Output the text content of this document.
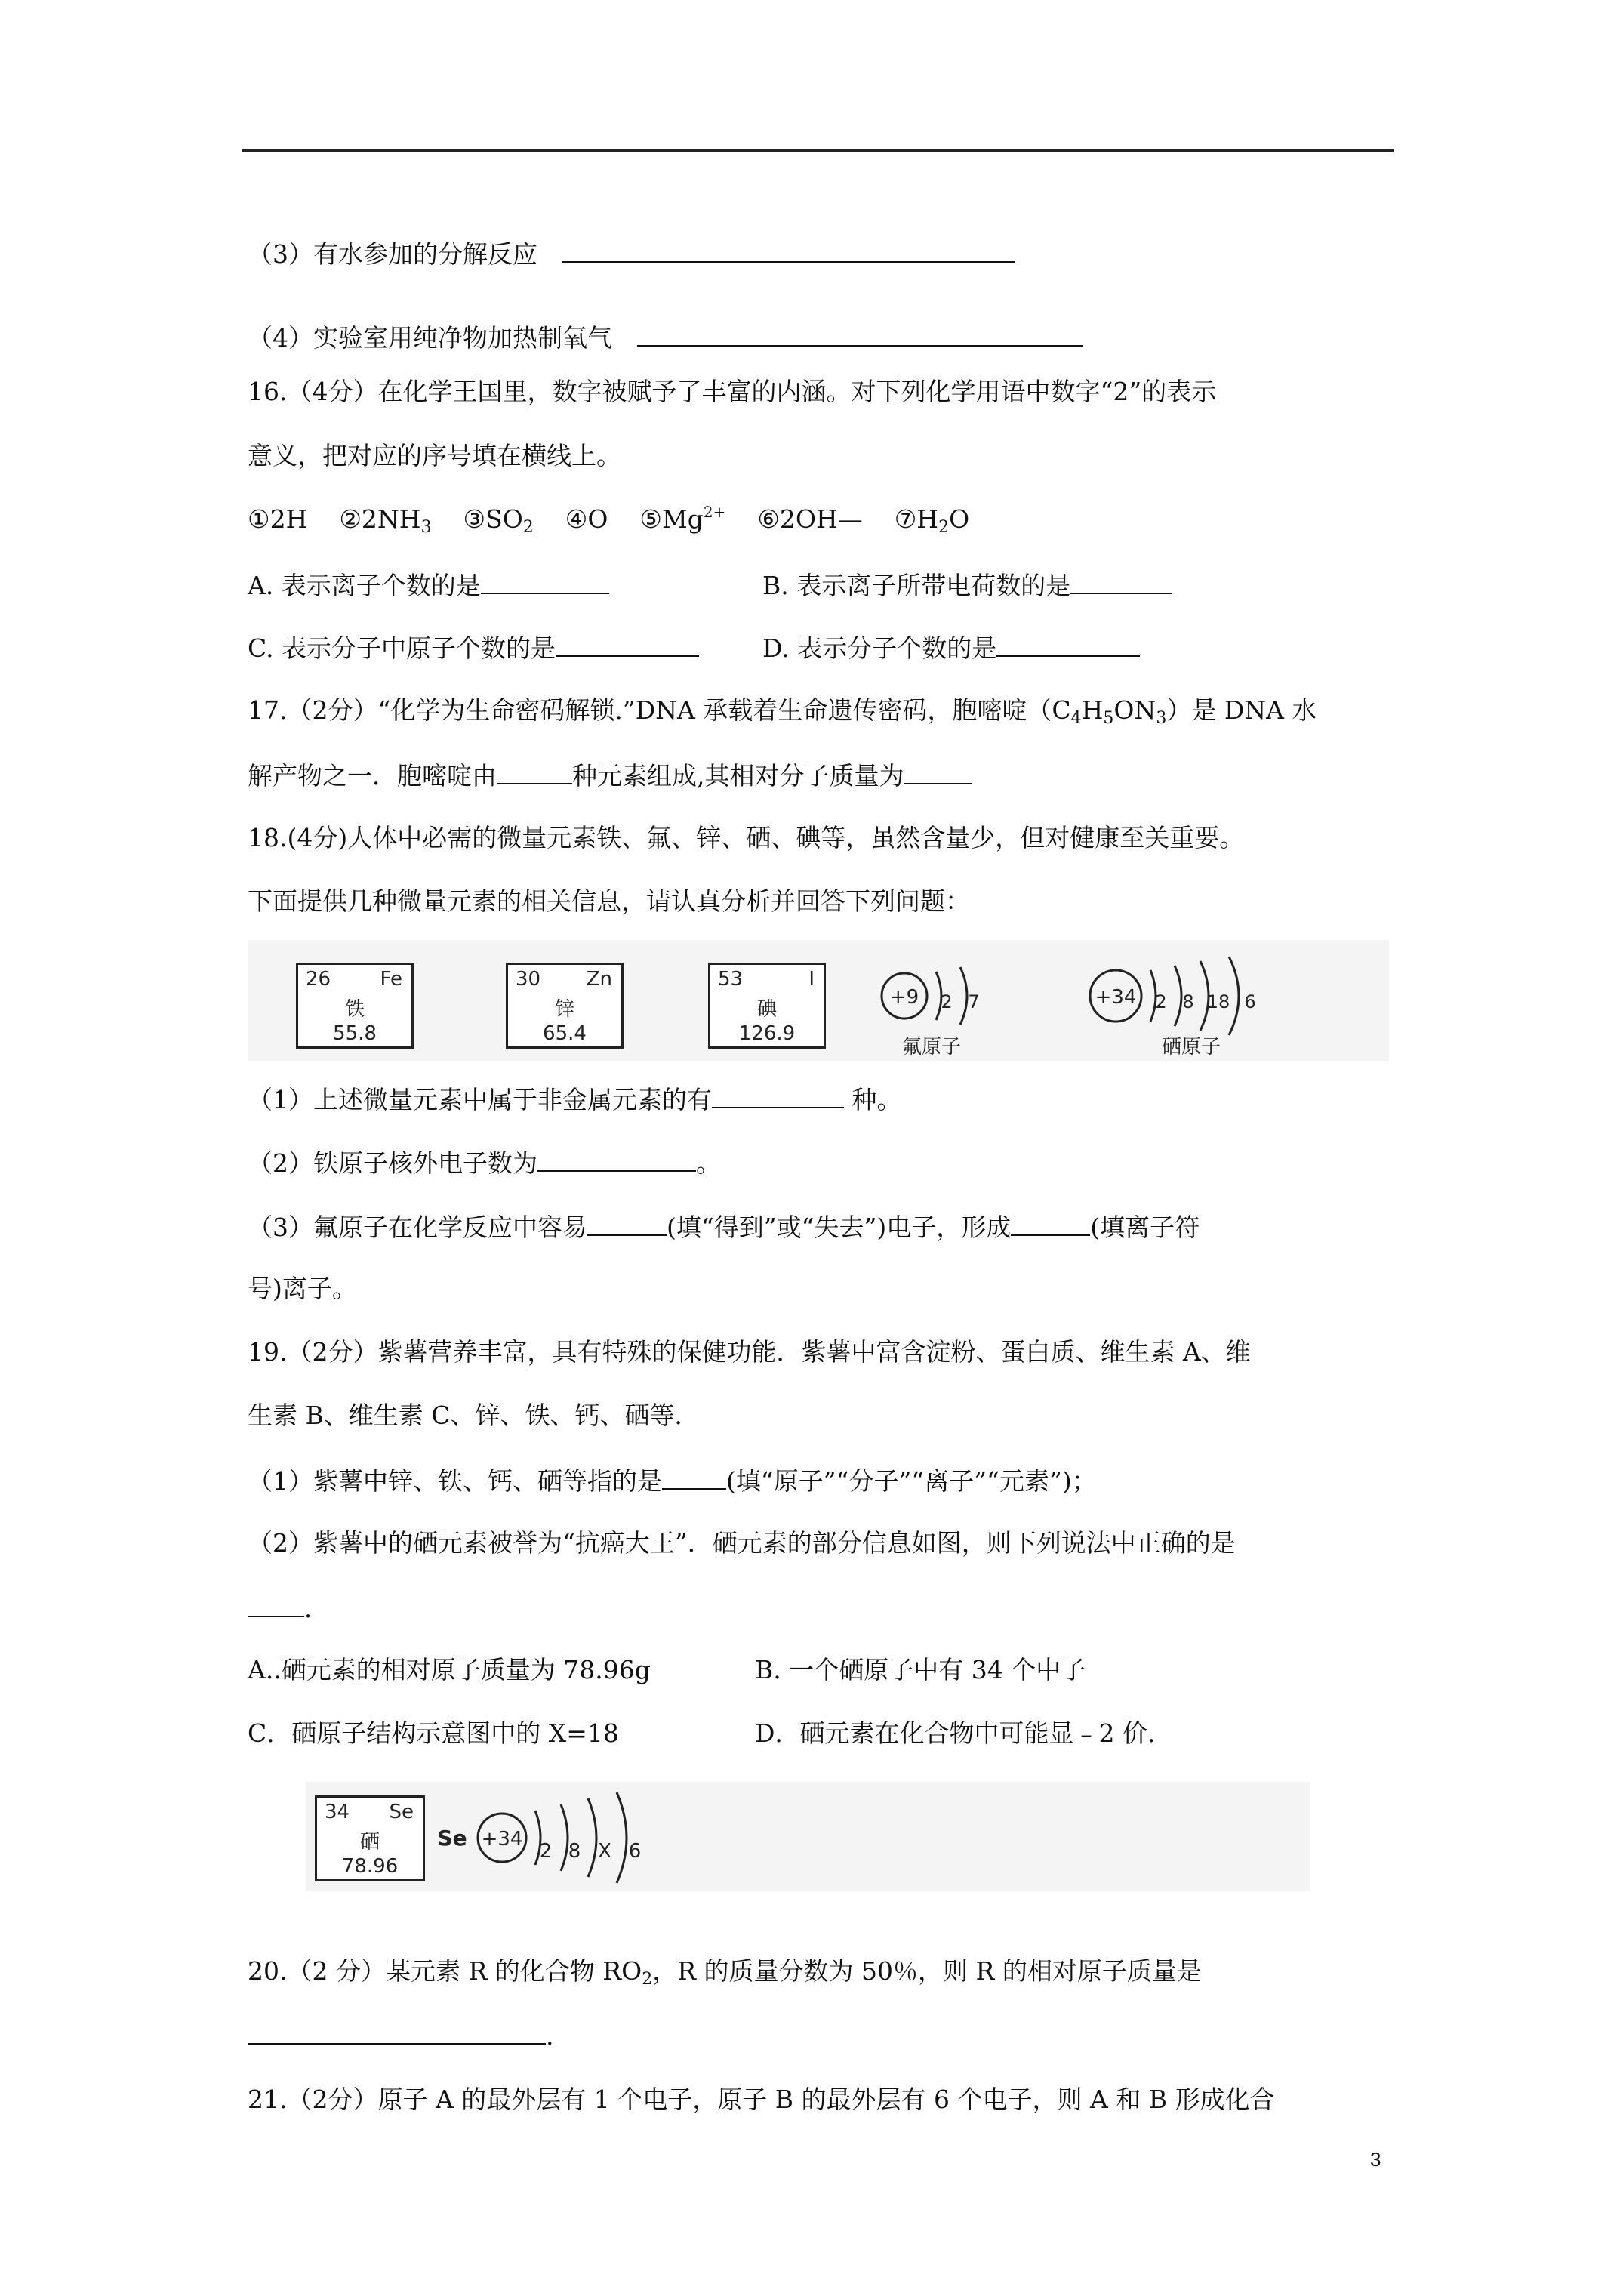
（3）有水参加的分解反应
（4）实验室用纯净物加热制氧气
16.（4分）在化学王国里，数字被赋予了丰富的内涵。对下列化学用语中数字“2”的表示
意义，把对应的序号填在横线上。
①2H $②2NH_3$ $③SO_2$ ④O $⑤Mg^{2+}$ ⑥2OH— $⑦H_2O$
A. 表示离子个数的是	B. 表示离子所带电荷数的是
C. 表示分子中原子个数的是	D. 表示分子个数的是
17.（2分）“化学为生命密码解锁.”DNA 承载着生命遗传密码，胞嘧啶$(C_4H_5ON_3)$是 DNA 水
解产物之一．胞嘧啶由	种元素组成,其相对分子质量为
18.(4分)人体中必需的微量元素铁、氟、锌、硒、碘等，虽然含量少，但对健康至关重要。
下面提供几种微量元素的相关信息，请认真分析并回答下列问题：
26	Fe
铁
55.8
30 Zn
锌
65.4
53	I
碘
126.9
+9 2 7
氟原子
+34 2 8 18 6
硒原子
（1）上述微量元素中属于非金属元素的有	种。
（2）铁原子核外电子数为	。
（3）氟原子在化学反应中容易	(填“得到”或“失去”)电子，形成	(填离子符
号)离子。
19.（2分）紫薯营养丰富，具有特殊的保健功能．紫薯中富含淀粉、蛋白质、维生素 A、维
生素 B、维生素 C、锌、铁、钙、硒等．
（1）紫薯中锌、铁、钙、硒等指的是	(填“原子”“分子”“离子”“元素”)；
（2）紫薯中的硒元素被誉为“抗癌大王”．硒元素的部分信息如图，则下列说法中正确的是
．
A..硒元素的相对原子质量为 78.96g	B. 一个硒原子中有 34 个中子
C．硒原子结构示意图中的 X=18	D．硒元素在化合物中可能显﹣2 价．
34 Se
硒
78.96
Se +34
2 8 X 6
20.（2 分）某元素 R 的化合物 $RO_2$，R 的质量分数为 50％，则 R 的相对原子质量是
.
21.（2分）原子 A 的最外层有 1 个电子，原子 B 的最外层有 6 个电子，则 A 和 B 形成化合
3
